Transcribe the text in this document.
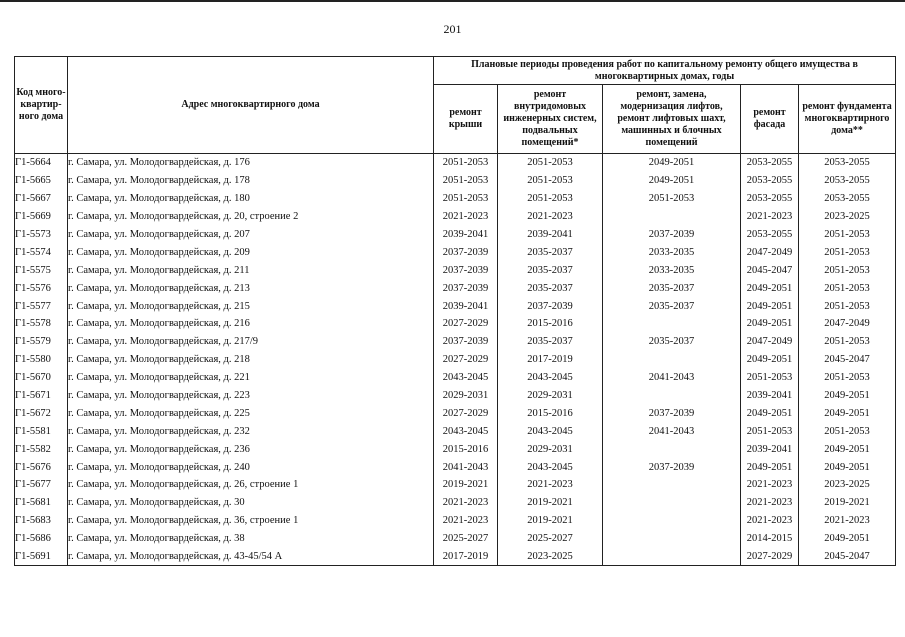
201
Код много-квартир-ного дома	Адрес многоквартирного дома	Плановые периоды проведения работ по капитальному ремонту общего имущества в многоквартирных домах, годы				
		ремонт крыши	ремонт внутридомовых инженерных систем, подвальных помещений*	ремонт, замена, модернизация лифтов, ремонт лифтовых шахт, машинных и блочных помещений	ремонт фасада	ремонт фундамента многоквартирного дома**
Г1-5664	г. Самара, ул. Молодогвардейская, д. 176	2051-2053	2051-2053	2049-2051	2053-2055	2053-2055
Г1-5665	г. Самара, ул. Молодогвардейская, д. 178	2051-2053	2051-2053	2049-2051	2053-2055	2053-2055
Г1-5667	г. Самара, ул. Молодогвардейская, д. 180	2051-2053	2051-2053	2051-2053	2053-2055	2053-2055
Г1-5669	г. Самара, ул. Молодогвардейская, д. 20, строение 2	2021-2023	2021-2023		2021-2023	2023-2025
Г1-5573	г. Самара, ул. Молодогвардейская, д. 207	2039-2041	2039-2041	2037-2039	2053-2055	2051-2053
Г1-5574	г. Самара, ул. Молодогвардейская, д. 209	2037-2039	2035-2037	2033-2035	2047-2049	2051-2053
Г1-5575	г. Самара, ул. Молодогвардейская, д. 211	2037-2039	2035-2037	2033-2035	2045-2047	2051-2053
Г1-5576	г. Самара, ул. Молодогвардейская, д. 213	2037-2039	2035-2037	2035-2037	2049-2051	2051-2053
Г1-5577	г. Самара, ул. Молодогвардейская, д. 215	2039-2041	2037-2039	2035-2037	2049-2051	2051-2053
Г1-5578	г. Самара, ул. Молодогвардейская, д. 216	2027-2029	2015-2016		2049-2051	2047-2049
Г1-5579	г. Самара, ул. Молодогвардейская, д. 217/9	2037-2039	2035-2037	2035-2037	2047-2049	2051-2053
Г1-5580	г. Самара, ул. Молодогвардейская, д. 218	2027-2029	2017-2019		2049-2051	2045-2047
Г1-5670	г. Самара, ул. Молодогвардейская, д. 221	2043-2045	2043-2045	2041-2043	2051-2053	2051-2053
Г1-5671	г. Самара, ул. Молодогвардейская, д. 223	2029-2031	2029-2031		2039-2041	2049-2051
Г1-5672	г. Самара, ул. Молодогвардейская, д. 225	2027-2029	2015-2016	2037-2039	2049-2051	2049-2051
Г1-5581	г. Самара, ул. Молодогвардейская, д. 232	2043-2045	2043-2045	2041-2043	2051-2053	2051-2053
Г1-5582	г. Самара, ул. Молодогвардейская, д. 236	2015-2016	2029-2031		2039-2041	2049-2051
Г1-5676	г. Самара, ул. Молодогвардейская, д. 240	2041-2043	2043-2045	2037-2039	2049-2051	2049-2051
Г1-5677	г. Самара, ул. Молодогвардейская, д. 26, строение 1	2019-2021	2021-2023		2021-2023	2023-2025
Г1-5681	г. Самара, ул. Молодогвардейская, д. 30	2021-2023	2019-2021		2021-2023	2019-2021
Г1-5683	г. Самара, ул. Молодогвардейская, д. 36, строение 1	2021-2023	2019-2021		2021-2023	2021-2023
Г1-5686	г. Самара, ул. Молодогвардейская, д. 38	2025-2027	2025-2027		2014-2015	2049-2051
Г1-5691	г. Самара, ул. Молодогвардейская, д. 43-45/54 А	2017-2019	2023-2025		2027-2029	2045-2047
